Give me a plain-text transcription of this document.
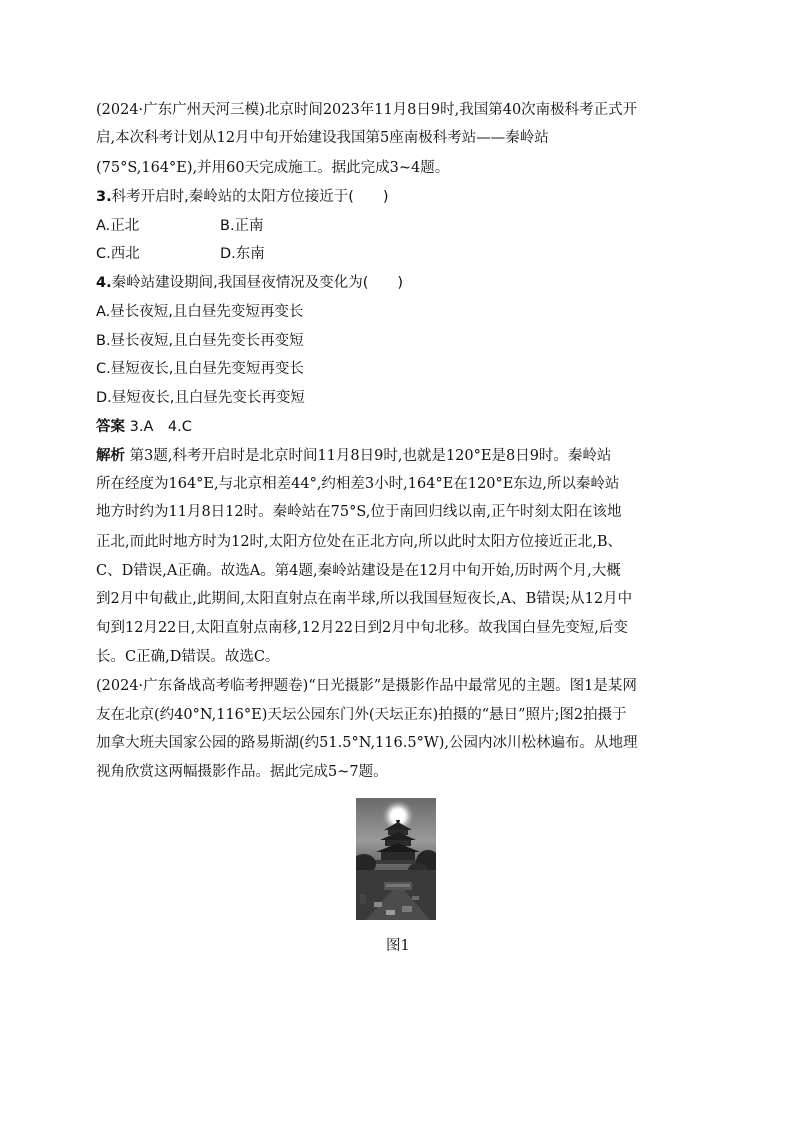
(2024·广东广州天河三模)北京时间2023年11月8日9时,我国第40次南极科考正式开
启,本次科考计划从12月中旬开始建设我国第5座南极科考站——秦岭站
(75°S,164°E),并用60天完成施工。据此完成3~4题。
3.科考开启时,秦岭站的太阳方位接近于(　　)
A.正北	B.正南
C.西北	D.东南
4.秦岭站建设期间,我国昼夜情况及变化为(　　)
A.昼长夜短,且白昼先变短再变长
B.昼长夜短,且白昼先变长再变短
C.昼短夜长,且白昼先变短再变长
D.昼短夜长,且白昼先变长再变短
答案 3.A　4.C
解析 第3题,科考开启时是北京时间11月8日9时,也就是120°E是8日9时。秦岭站
所在经度为164°E,与北京相差44°,约相差3小时,164°E在120°E东边,所以秦岭站
地方时约为11月8日12时。秦岭站在75°S,位于南回归线以南,正午时刻太阳在该地
正北,而此时地方时为12时,太阳方位处在正北方向,所以此时太阳方位接近正北,B、
C、D错误,A正确。故选A。第4题,秦岭站建设是在12月中旬开始,历时两个月,大概
到2月中旬截止,此期间,太阳直射点在南半球,所以我国昼短夜长,A、B错误;从12月中
旬到12月22日,太阳直射点南移,12月22日到2月中旬北移。故我国白昼先变短,后变
长。C正确,D错误。故选C。
(2024·广东备战高考临考押题卷)“日光摄影”是摄影作品中最常见的主题。图1是某网
友在北京(约40°N,116°E)天坛公园东门外(天坛正东)拍摄的“悬日”照片;图2拍摄于
加拿大班夫国家公园的路易斯湖(约51.5°N,116.5°W),公园内冰川松林遍布。从地理
视角欣赏这两幅摄影作品。据此完成5~7题。
图1
